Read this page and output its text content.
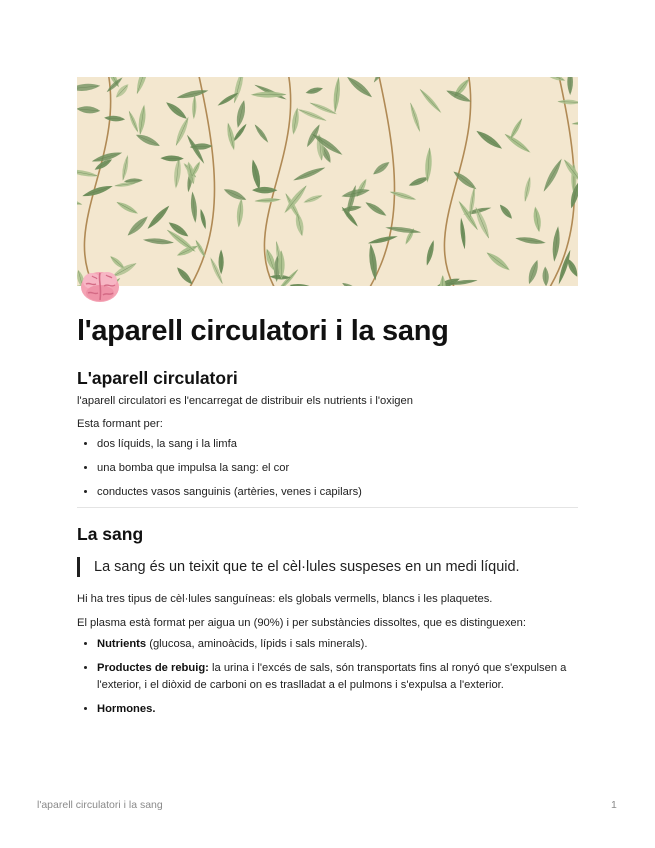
l'aparell circulatori i la sang
L'aparell circulatori

l'aparell circulatori es l'encarregat de distribuir els nutrients i l'oxigen

Esta formant per:

• dos líquids, la sang i la limfa
• una bomba que impulsa la sang: el cor
• conductes vasos sanguinis (artèries, venes i capilars)
La sang
La sang és un teixit que te el cèl·lules suspeses en un medi líquid.

Hi ha tres tipus de cèl·lules sanguíneas: els globals vermells, blancs i les plaquetes.

El plasma està format per aigua un (90%) i per substàncies dissoltes, que es distinguexen:

• Nutrients (glucosa, aminoàcids, lípids i sals minerals).
• Productes de rebuig: la urina i l'excés de sals, són transportats fins al ronyó que s'expulsen a l'exterior, i el diòxid de carboni on es traslladat a el pulmons i s'expulsa a l'exterior.
• Hormones.
l'aparell circulatori i la sang	1
